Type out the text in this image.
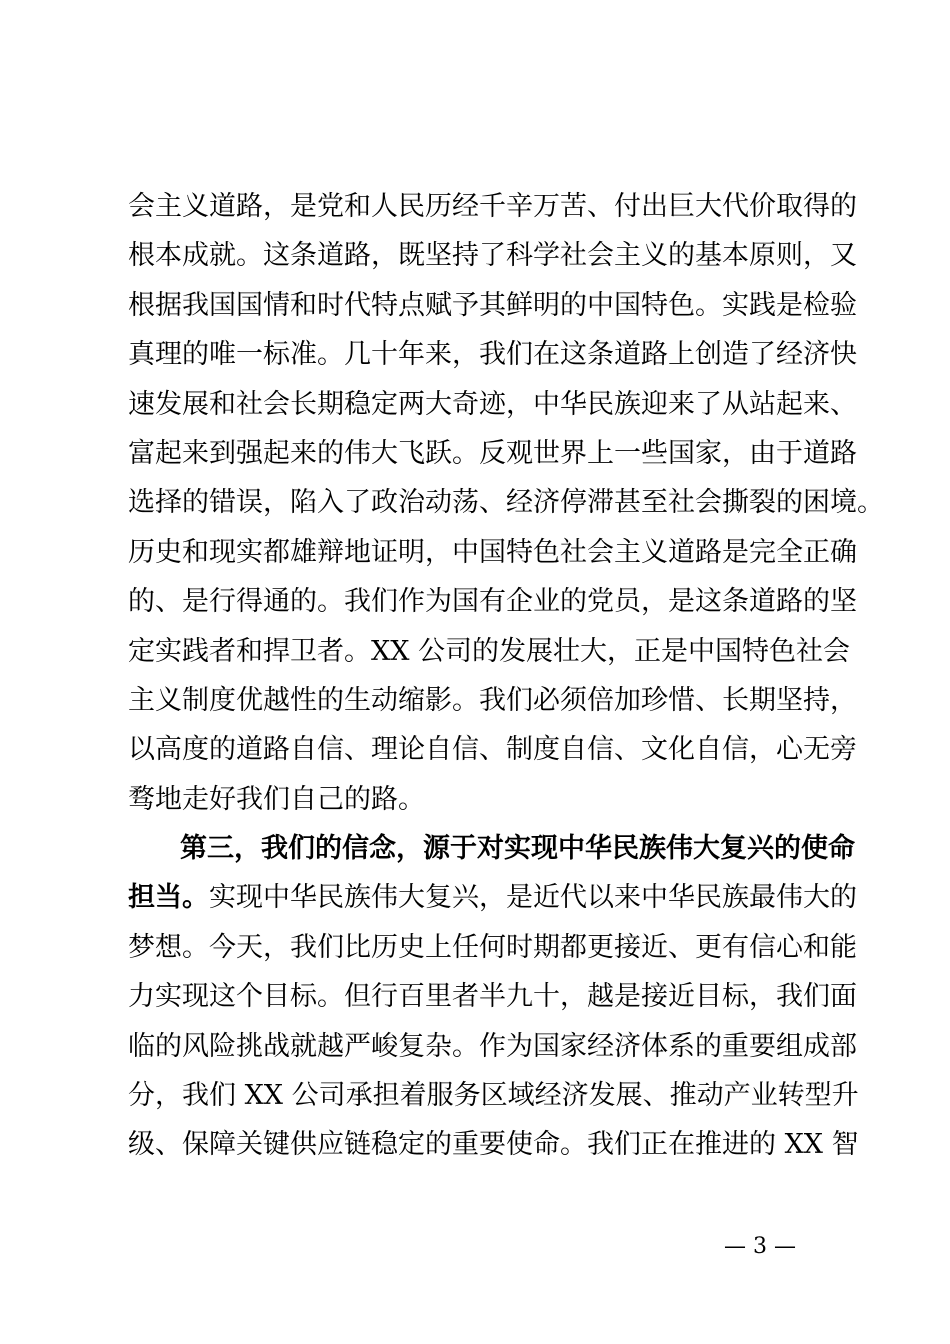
会主义道路，是党和人民历经千辛万苦、付出巨大代价取得的
根本成就。这条道路，既坚持了科学社会主义的基本原则，又
根据我国国情和时代特点赋予其鲜明的中国特色。实践是检验
真理的唯一标准。几十年来，我们在这条道路上创造了经济快
速发展和社会长期稳定两大奇迹，中华民族迎来了从站起来、
富起来到强起来的伟大飞跃。反观世界上一些国家，由于道路
选择的错误，陷入了政治动荡、经济停滞甚至社会撕裂的困境。
历史和现实都雄辩地证明，中国特色社会主义道路是完全正确
的、是行得通的。我们作为国有企业的党员，是这条道路的坚
定实践者和捍卫者。XX 公司的发展壮大，正是中国特色社会
主义制度优越性的生动缩影。我们必须倍加珍惜、长期坚持，
以高度的道路自信、理论自信、制度自信、文化自信，心无旁
骛地走好我们自己的路。
第三，我们的信念，源于对实现中华民族伟大复兴的使命
担当。实现中华民族伟大复兴，是近代以来中华民族最伟大的
梦想。今天，我们比历史上任何时期都更接近、更有信心和能
力实现这个目标。但行百里者半九十，越是接近目标，我们面
临的风险挑战就越严峻复杂。作为国家经济体系的重要组成部
分，我们 XX 公司承担着服务区域经济发展、推动产业转型升
级、保障关键供应链稳定的重要使命。我们正在推进的 XX 智
— 3 —
